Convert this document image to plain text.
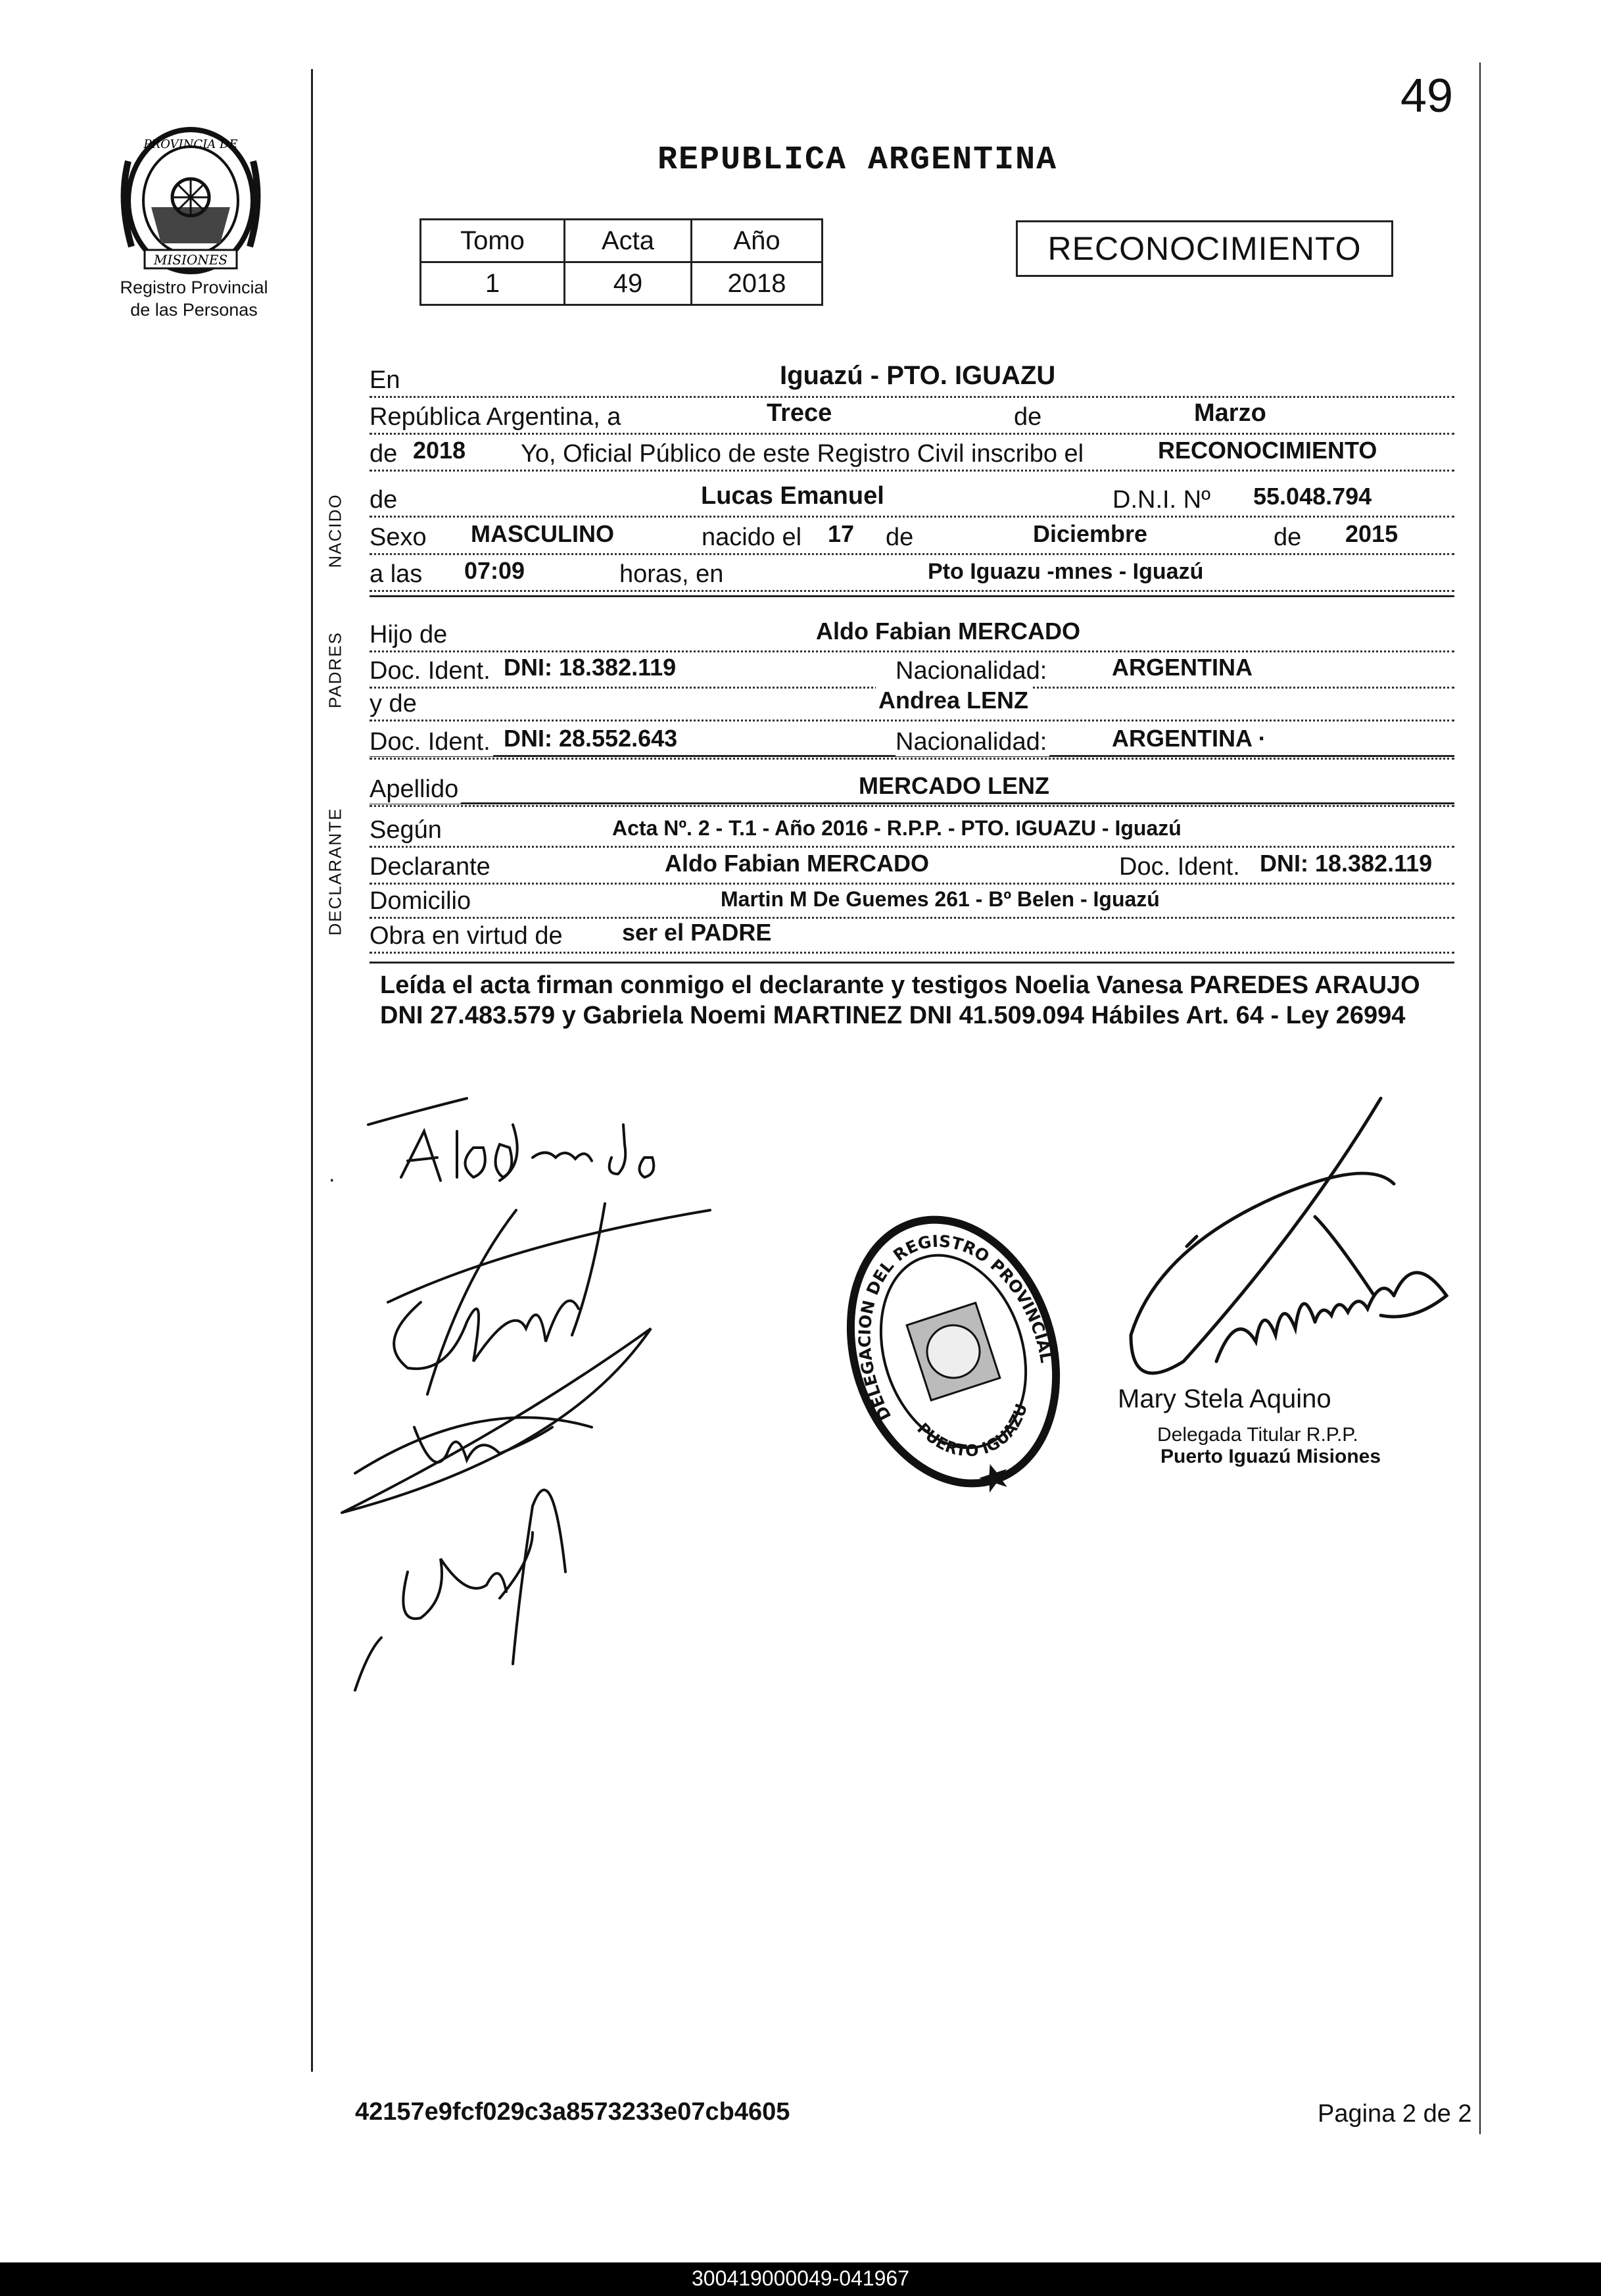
49
MISIONES
PROVINCIA DE
Registro Provincial
de las Personas
REPUBLICA ARGENTINA
Tomo	Acta	Año
1	49	2018
RECONOCIMIENTO
NACIDO
PADRES
DECLARANTE
En	Iguazú - PTO. IGUAZU
República Argentina, a	Trece	de	Marzo
de 2018 Yo, Oficial Público de este Registro Civil inscribo el	RECONOCIMIENTO
de	Lucas Emanuel	D.N.I. Nº 55.048.794
Sexo MASCULINO	nacido el 17 de	Diciembre	de 2015
a las 07:09	horas, en	Pto Iguazu -mnes - Iguazú
Hijo de	Aldo Fabian MERCADO
Doc. Ident. DNI: 18.382.119	Nacionalidad:	ARGENTINA
y de	Andrea LENZ
Doc. Ident. DNI: 28.552.643	Nacionalidad:	ARGENTINA ·
Apellido	MERCADO LENZ
Según	Acta Nº. 2 - T.1 - Año 2016 - R.P.P. - PTO. IGUAZU - Iguazú
Declarante	Aldo Fabian MERCADO	Doc. Ident. DNI: 18.382.119
Domicilio	Martin M De Guemes 261 - Bº Belen - Iguazú
Obra en virtud de	ser el PADRE
Leída el acta firman conmigo el declarante y testigos Noelia Vanesa PAREDES ARAUJO DNI 27.483.579 y Gabriela Noemi MARTINEZ DNI 41.509.094 Hábiles Art. 64 - Ley 26994
·
DELEGACION DEL REGISTRO PROVINCIAL
PUERTO IGUAZU	Mary Stela Aquino
Delegada Titular R.P.P.
Puerto Iguazú Misiones
42157e9fcf029c3a8573233e07cb4605	Pagina 2 de 2
300419000049-041967
